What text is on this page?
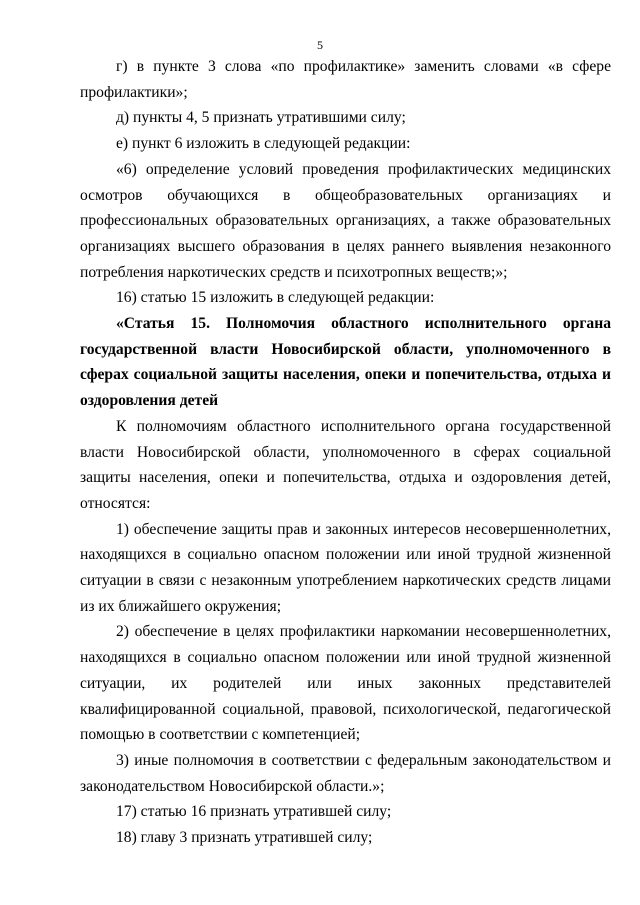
5

г) в пункте 3 слова «по профилактике» заменить словами «в сфере профилактики»;

д) пункты 4, 5 признать утратившими силу;

е) пункт 6 изложить в следующей редакции:

«6) определение условий проведения профилактических медицинских осмотров обучающихся в общеобразовательных организациях и профессиональных образовательных организациях, а также образовательных организациях высшего образования в целях раннего выявления незаконного потребления наркотических средств и психотропных веществ;»;

16) статью 15 изложить в следующей редакции:

«Статья 15. Полномочия областного исполнительного органа государственной власти Новосибирской области, уполномоченного в сферах социальной защиты населения, опеки и попечительства, отдыха и оздоровления детей

К полномочиям областного исполнительного органа государственной власти Новосибирской области, уполномоченного в сферах социальной защиты населения, опеки и попечительства, отдыха и оздоровления детей, относятся:

1) обеспечение защиты прав и законных интересов несовершеннолетних, находящихся в социально опасном положении или иной трудной жизненной ситуации в связи с незаконным употреблением наркотических средств лицами из их ближайшего окружения;

2) обеспечение в целях профилактики наркомании несовершеннолетних, находящихся в социально опасном положении или иной трудной жизненной ситуации, их родителей или иных законных представителей квалифицированной социальной, правовой, психологической, педагогической помощью в соответствии с компетенцией;

3) иные полномочия в соответствии с федеральным законодательством и законодательством Новосибирской области.»;

17) статью 16 признать утратившей силу;

18) главу 3 признать утратившей силу;
